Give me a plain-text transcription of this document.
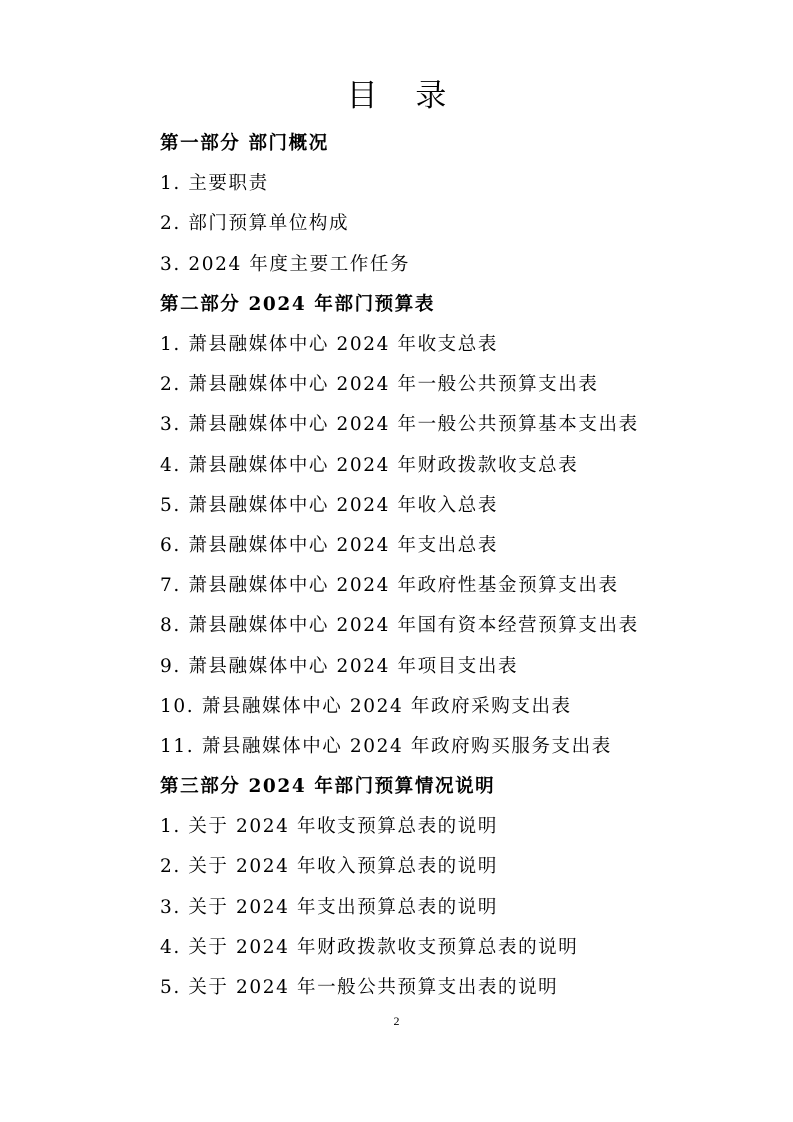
目 录
第一部分 部门概况
1. 主要职责
2. 部门预算单位构成
3. 2024 年度主要工作任务
第二部分 2024 年部门预算表
1. 萧县融媒体中心 2024 年收支总表
2. 萧县融媒体中心 2024 年一般公共预算支出表
3. 萧县融媒体中心 2024 年一般公共预算基本支出表
4. 萧县融媒体中心 2024 年财政拨款收支总表
5. 萧县融媒体中心 2024 年收入总表
6. 萧县融媒体中心 2024 年支出总表
7. 萧县融媒体中心 2024 年政府性基金预算支出表
8. 萧县融媒体中心 2024 年国有资本经营预算支出表
9. 萧县融媒体中心 2024 年项目支出表
10. 萧县融媒体中心 2024 年政府采购支出表
11. 萧县融媒体中心 2024 年政府购买服务支出表
第三部分 2024 年部门预算情况说明
1. 关于 2024 年收支预算总表的说明
2. 关于 2024 年收入预算总表的说明
3. 关于 2024 年支出预算总表的说明
4. 关于 2024 年财政拨款收支预算总表的说明
5. 关于 2024 年一般公共预算支出表的说明
2
